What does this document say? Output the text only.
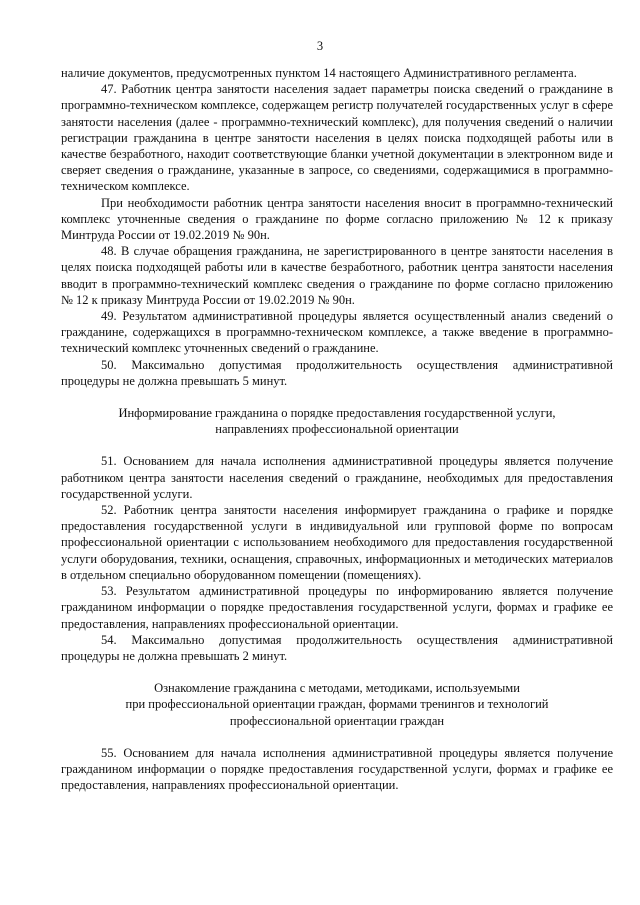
3

наличие документов, предусмотренных пунктом 14 настоящего Административного регламента.

47. Работник центра занятости населения задает параметры поиска сведений о гражданине в программно-техническом комплексе, содержащем регистр получателей государственных услуг в сфере занятости населения (далее - программно-технический комплекс), для получения сведений о наличии регистрации гражданина в центре занятости населения в целях поиска подходящей работы или в качестве безработного, находит соответствующие бланки учетной документации в электронном виде и сверяет сведения о гражданине, указанные в запросе, со сведениями, содержащимися в программно-техническом комплексе.

При необходимости работник центра занятости населения вносит в программно-технический комплекс уточненные сведения о гражданине по форме согласно приложению № 12 к приказу Минтруда России от 19.02.2019 № 90н.

48. В случае обращения гражданина, не зарегистрированного в центре занятости населения в целях поиска подходящей работы или в качестве безработного, работник центра занятости населения вводит в программно-технический комплекс сведения о гражданине по форме согласно приложению № 12 к приказу Минтруда России от 19.02.2019 № 90н.

49. Результатом административной процедуры является осуществленный анализ сведений о гражданине, содержащихся в программно-техническом комплексе, а также введение в программно-технический комплекс уточненных сведений о гражданине.

50. Максимально допустимая продолжительность осуществления административной процедуры не должна превышать 5 минут.

Информирование гражданина о порядке предоставления государственной услуги,

направлениях профессиональной ориентации

51. Основанием для начала исполнения административной процедуры является получение работником центра занятости населения сведений о гражданине, необходимых для предоставления государственной услуги.

52. Работник центра занятости населения информирует гражданина о графике и порядке предоставления государственной услуги в индивидуальной или групповой форме по вопросам профессиональной ориентации с использованием необходимого для предоставления государственной услуги оборудования, техники, оснащения, справочных, информационных и методических материалов в отдельном специально оборудованном помещении (помещениях).

53. Результатом административной процедуры по информированию является получение гражданином информации о порядке предоставления государственной услуги, формах и графике ее предоставления, направлениях профессиональной ориентации.

54. Максимально допустимая продолжительность осуществления административной процедуры не должна превышать 2 минут.

Ознакомление гражданина с методами, методиками, используемыми

при профессиональной ориентации граждан, формами тренингов и технологий

профессиональной ориентации граждан

55. Основанием для начала исполнения административной процедуры является получение гражданином информации о порядке предоставления государственной услуги, формах и графике ее предоставления, направлениях профессиональной ориентации.
